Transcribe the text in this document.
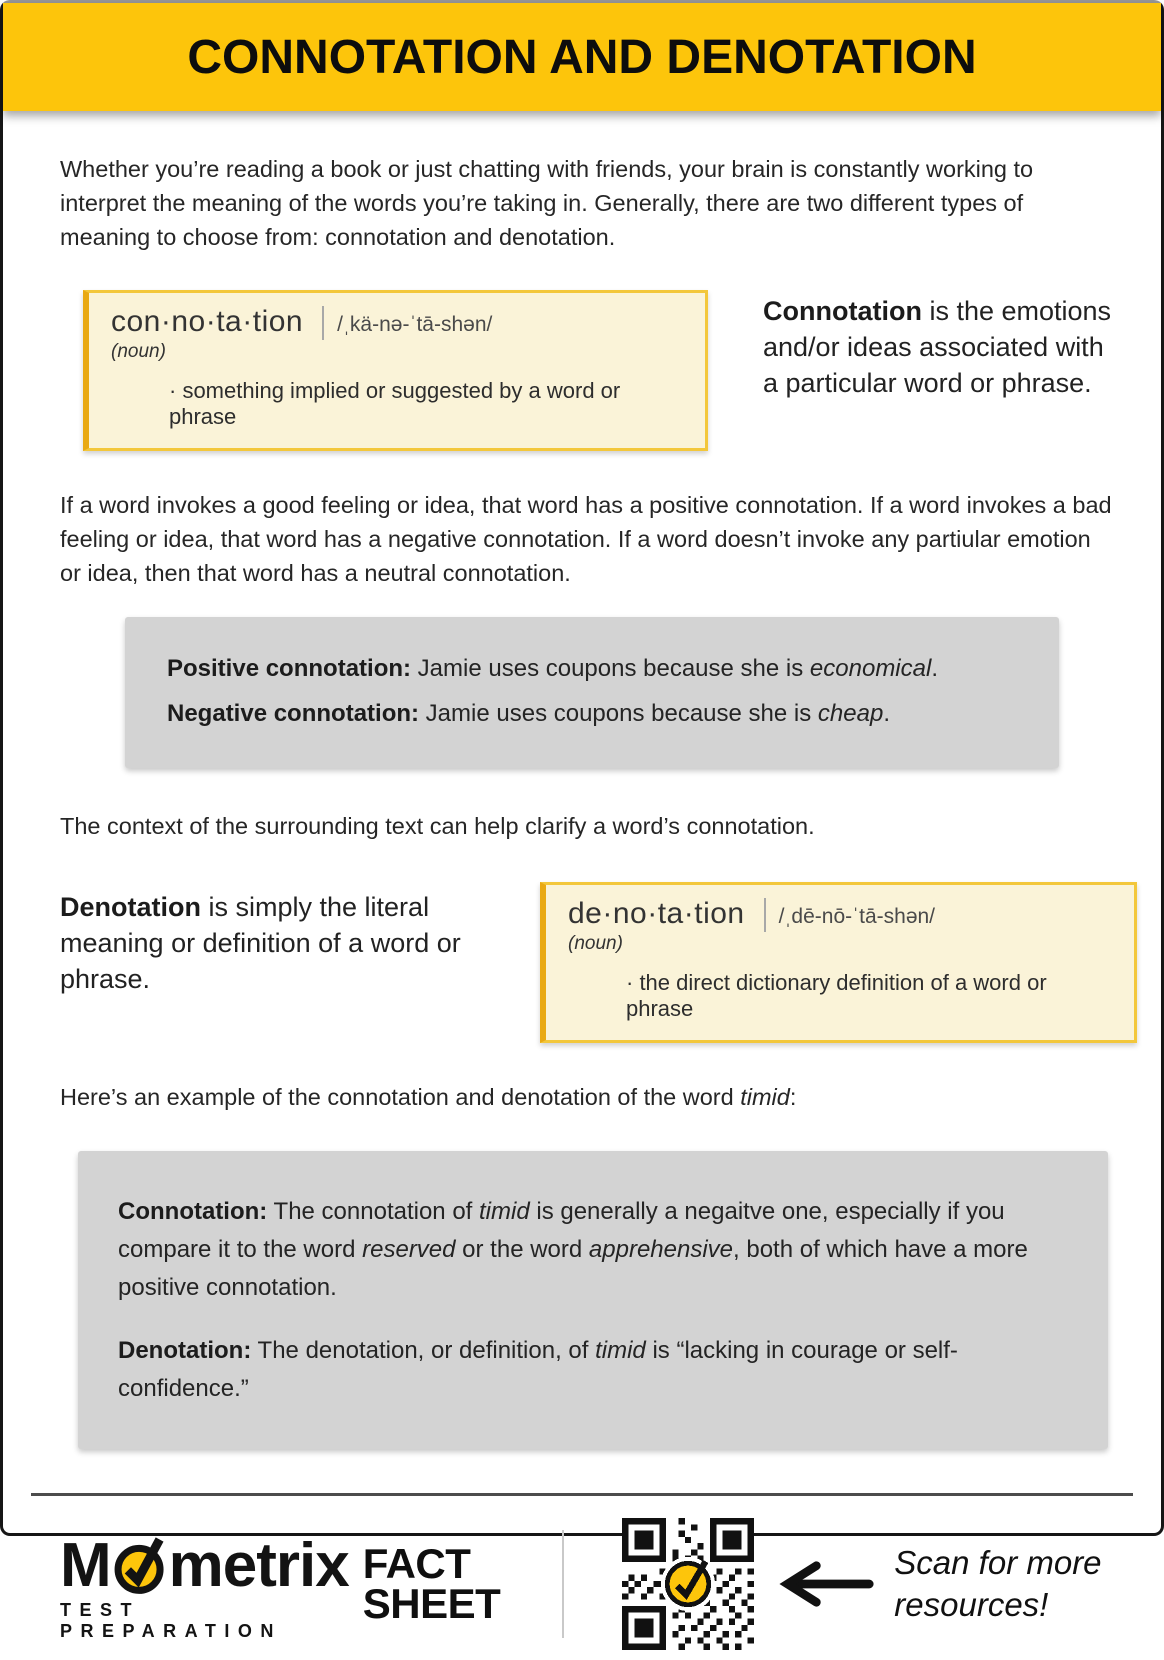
CONNOTATION AND DENOTATION

Whether you’re reading a book or just chatting with friends, your brain is constantly working to interpret the meaning of the words you’re taking in. Generally, there are two different types of meaning to choose from: connotation and denotation.

con·no·ta·tion /ˌkä-nə-ˈtā-shən/
(noun)
· something implied or suggested by a word or phrase

Connotation is the emotions and/or ideas associated with a particular word or phrase.

If a word invokes a good feeling or idea, that word has a positive connotation. If a word invokes a bad feeling or idea, that word has a negative connotation. If a word doesn’t invoke any partiular emotion or idea, then that word has a neutral connotation.

Positive connotation: Jamie uses coupons because she is economical.

Negative connotation: Jamie uses coupons because she is cheap.

The context of the surrounding text can help clarify a word’s connotation.

Denotation is simply the literal meaning or definition of a word or phrase.

de·no·ta·tion /ˌdē-nō-ˈtā-shən/
(noun)
· the direct dictionary definition of a word or phrase

Here’s an example of the connotation and denotation of the word timid:

Connotation: The connotation of timid is generally a negaitve one, especially if you compare it to the word reserved or the word apprehensive, both of which have a more positive connotation.

Denotation: The denotation, or definition, of timid is “lacking in courage or self-confidence.”

M metrix
TEST PREPARATION
FACT
SHEET

Scan for more resources!
